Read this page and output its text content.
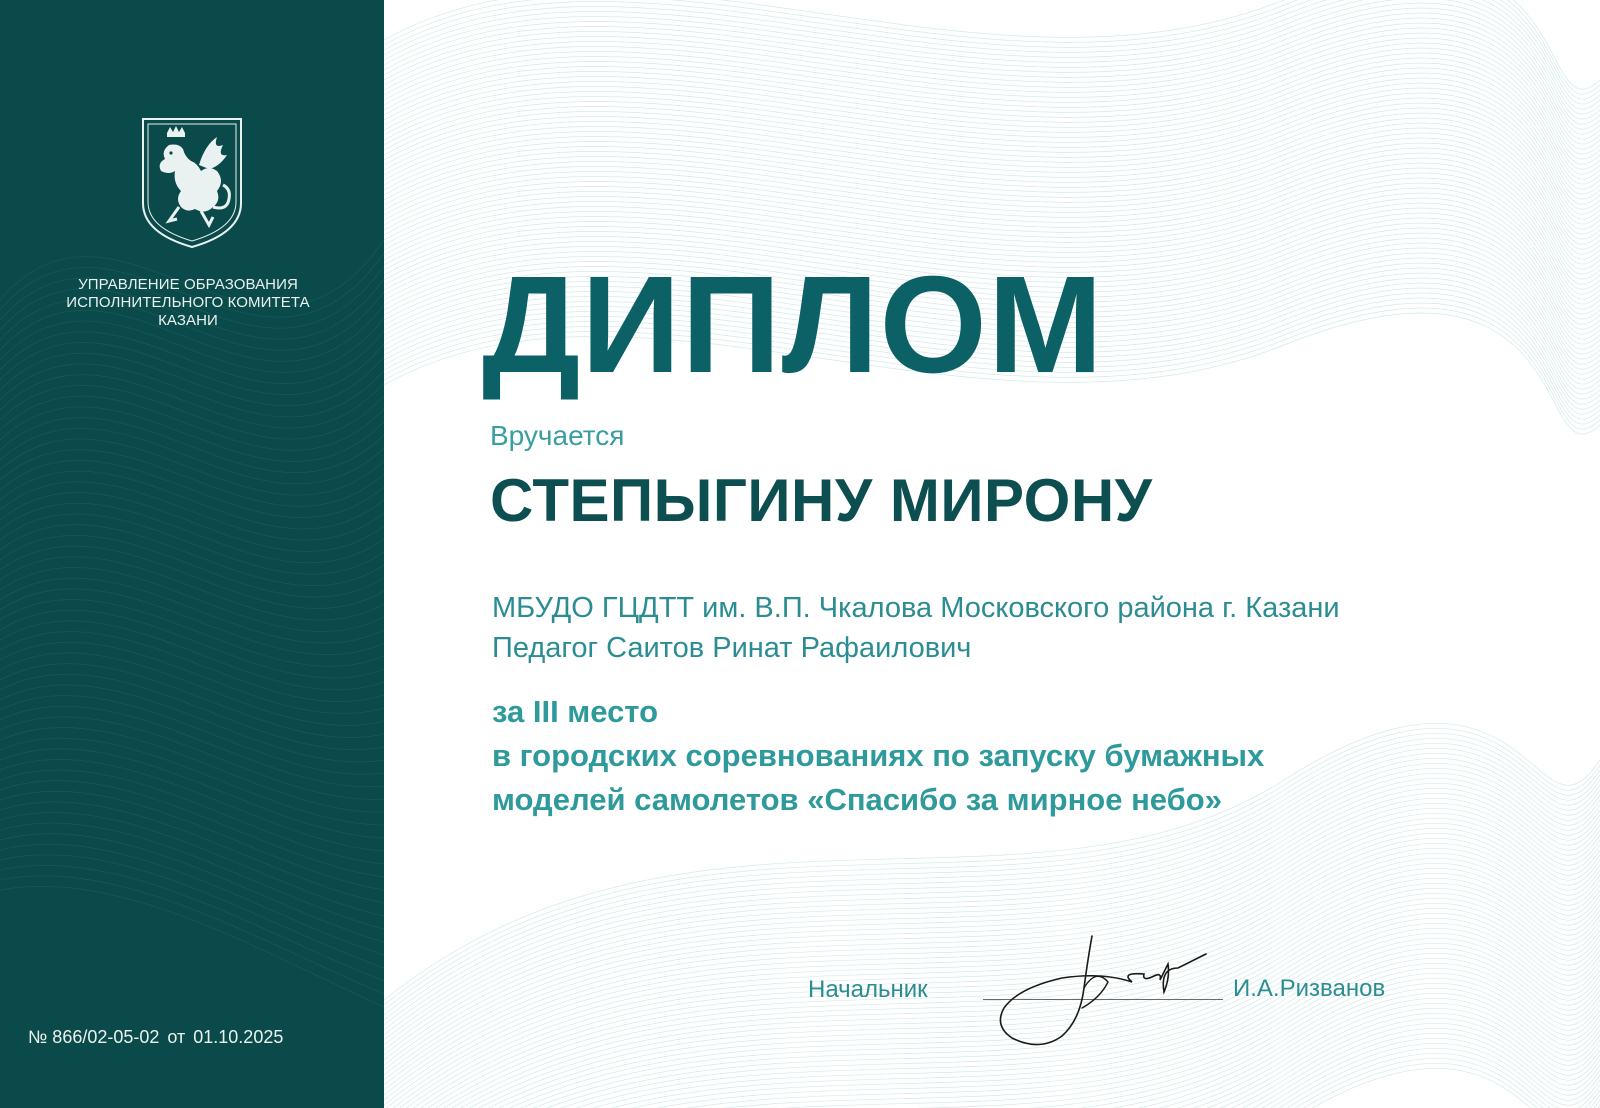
УПРАВЛЕНИЕ ОБРАЗОВАНИЯ
ИСПОЛНИТЕЛЬНОГО КОМИТЕТА
КАЗАНИ
№ 866/02-05-02 от 01.10.2025
ДИПЛОМ
Вручается
СТЕПЫГИНУ МИРОНУ
МБУДО ГЦДТТ им. В.П. Чкалова Московского района г. Казани
Педагог Саитов Ринат Рафаилович
за III место
в городских соревнованиях по запуску бумажных
моделей самолетов «Спасибо за мирное небо»
Начальник	И.А.Ризванов
